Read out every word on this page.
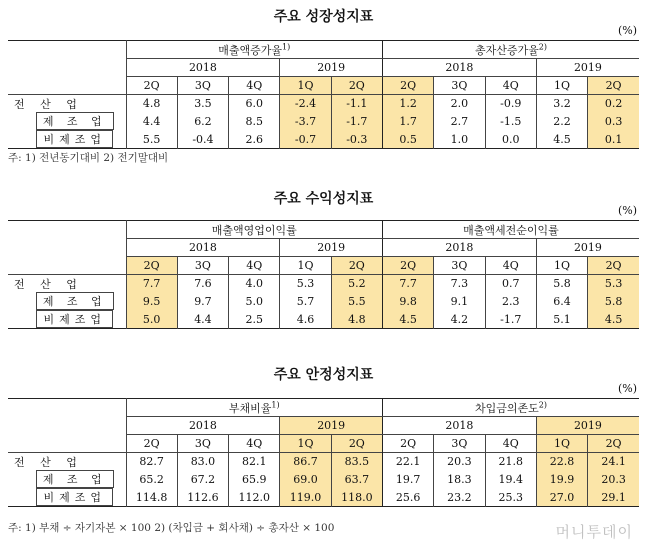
주요 성장성지표
(%)
	매출액증가율$^{1)}$					총자산증가율$^{2)}$
	2018			2019		2018			2019	
	2Q	3Q	4Q	1Q	2Q	2Q	3Q	4Q	1Q	2Q
전 산 업	4.8	3.5	6.0	-2.4	-1.1	1.2	2.0	-0.9	3.2	0.2
제 조 업	4.4	6.2	8.5	-3.7	-1.7	1.7	2.7	-1.5	2.2	0.3
비제조업	5.5	-0.4	2.6	-0.7	-0.3	0.5	1.0	0.0	4.5	0.1
주: 1) 전년동기대비 2) 전기말대비
주요 수익성지표
(%)
	매출액영업이익률					매출액세전순이익률				
	2018			2019		2018			2019	
	2Q	3Q	4Q	1Q	2Q	2Q	3Q	4Q	1Q	2Q
전 산 업	7.7	7.6	4.0	5.3	5.2	7.7	7.3	0.7	5.8	5.3
제 조 업	9.5	9.7	5.0	5.7	5.5	9.8	9.1	2.3	6.4	5.8
비제조업	5.0	4.4	2.5	4.6	4.8	4.5	4.2	-1.7	5.1	4.5
주요 안정성지표
(%)
	부채비율$^{1)}$					차입금의존도$^{2)}$
	2018			2019		2018			2019	
	2Q	3Q	4Q	1Q	2Q	2Q	3Q	4Q	1Q	2Q
전 산 업	82.7	83.0	82.1	86.7	83.5	22.1	20.3	21.8	22.8	24.1
제 조 업	65.2	67.2	65.9	69.0	63.7	19.7	18.3	19.4	19.9	20.3
비제조업	114.8	112.6	112.0	119.0	118.0	25.6	23.2	25.3	27.0	29.1
주: 1) 부채 ÷ 자기자본 × 100 2) (차입금 + 회사채) ÷ 총자산 × 100	머니투데이
